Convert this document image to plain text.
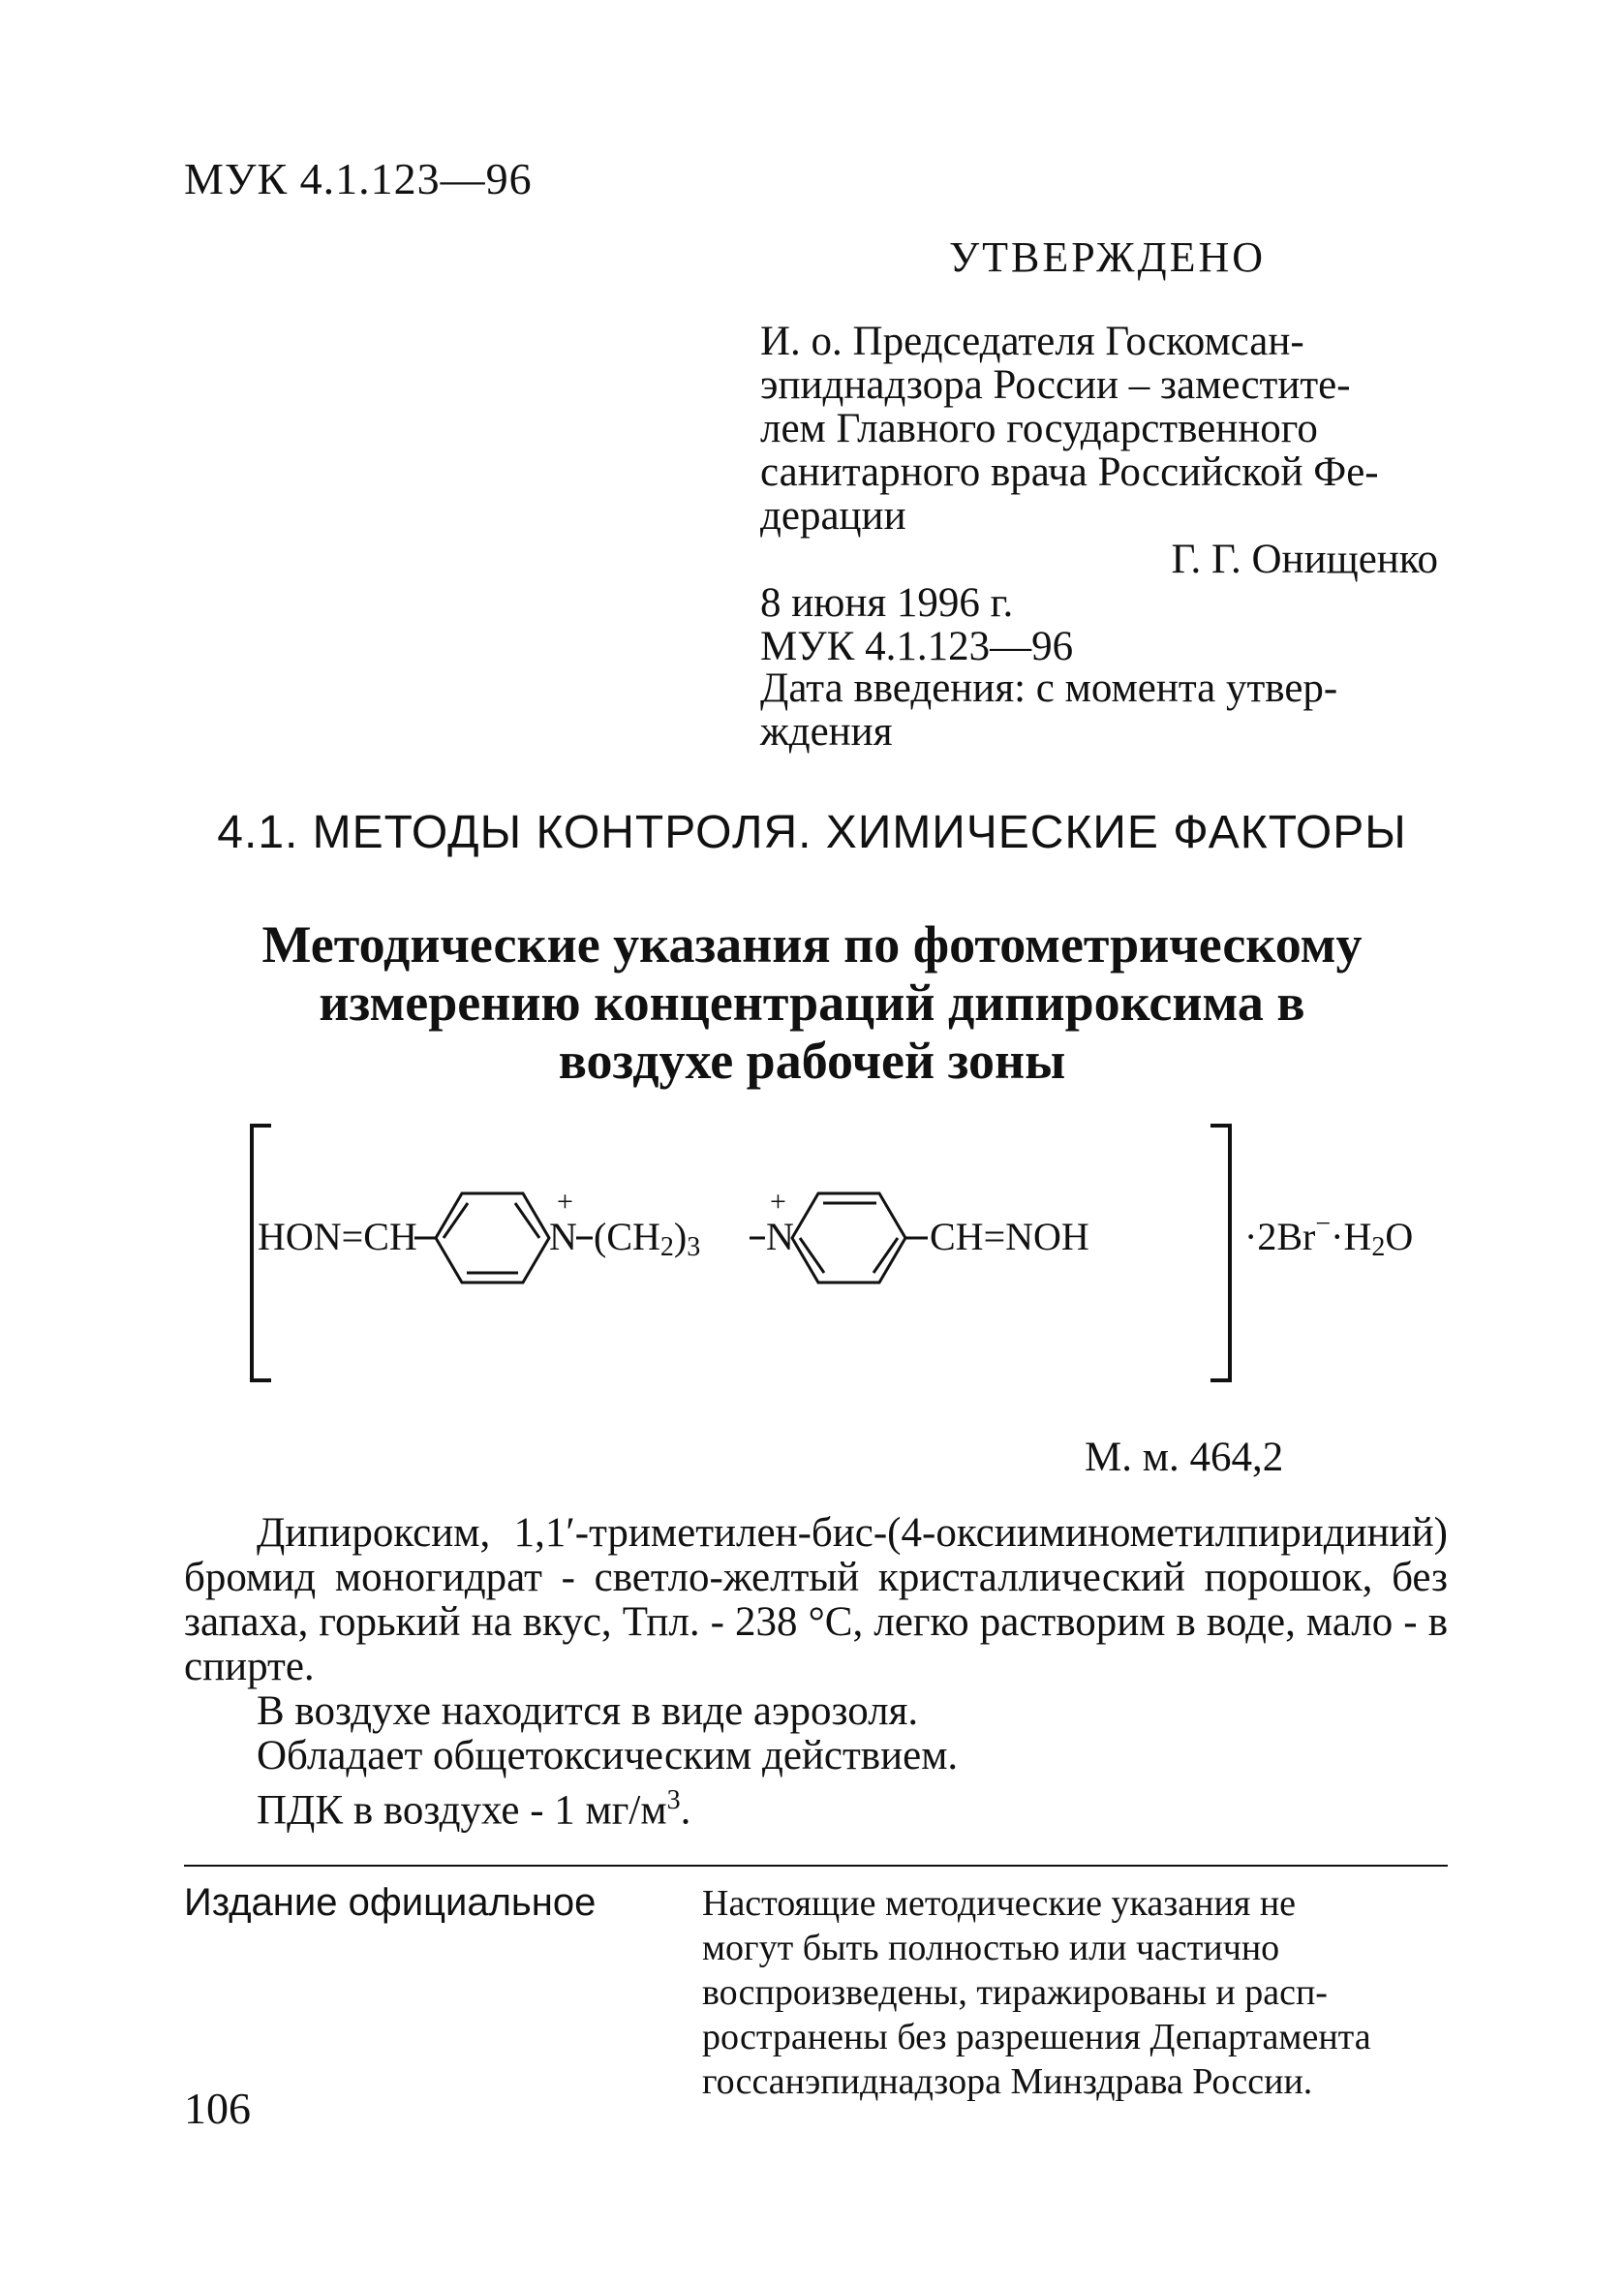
МУК 4.1.123—96
УТВЕРЖДЕНО
И. о. Председателя Госкомсан-
эпиднадзора России – заместите-
лем Главного государственного
санитарного врача Российской Фе-
дерации
Г. Г. Онищенко
8 июня 1996 г.
МУК 4.1.123—96
Дата введения: с момента утвер-
ждения
4.1. МЕТОДЫ КОНТРОЛЯ. ХИМИЧЕСКИЕ ФАКТОРЫ
Методические указания по фотометрическому
измерению концентраций дипироксима в
воздухе рабочей зоны
HON=CH	N
+
(CH2)3 N
+
CH=NOH	·2Br−·H2O
М. м. 464,2

Дипироксим, 1,1′-триметилен-бис-(4-оксииминометилпиридиний) бромид моногидрат - светло-желтый кристаллический порошок, без запаха, горький на вкус, Тпл. - 238 °С, легко растворим в воде, мало - в спирте.

В воздухе находится в виде аэрозоля.

Обладает общетоксическим действием.

ПДК в воздухе - 1 $мг/м^3$.

Издание официальное	Настоящие методические указания не
могут быть полностью или частично
воспроизведены, тиражированы и расп-
ространены без разрешения Департамента
госсанэпиднадзора Минздрава России.
106
